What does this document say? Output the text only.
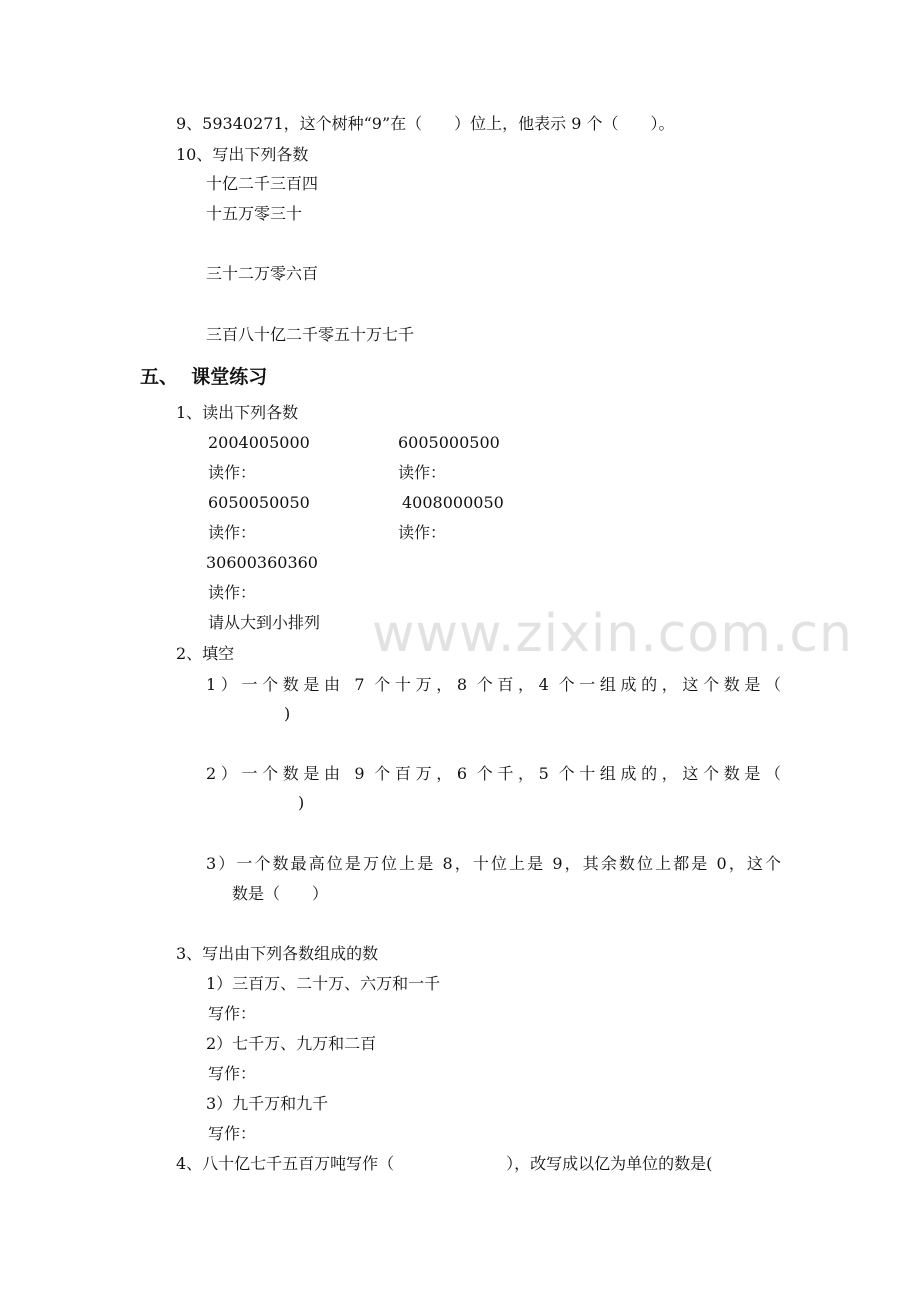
www.zixin.com.cn
9、59340271，这个树种“9”在（　　）位上，他表示 9 个（　　）。
10、写出下列各数
十亿二千三百四
十五万零三十
三十二万零六百
三百八十亿二千零五十万七千
五、  课堂练习
1、读出下列各数
2004005000	6005000500
读作：	读作：
6050050050	4008000050
读作：	读作：
30600360360
读作：
请从大到小排列
2、填空
1）一个数是由 7 个十万，8 个百，4 个一组成的，这个数是（
)
2）一个数是由 9 个百万，6 个千，5 个十组成的，这个数是（
)
3）一个数最高位是万位上是 8，十位上是 9，其余数位上都是 0，这个
数是（　　）
3、写出由下列各数组成的数
1）三百万、二十万、六万和一千
写作：
2）七千万、九万和二百
写作：
3）九千万和九千
写作：
4、八十亿七千五百万吨写作（　　　　　　　），改写成以亿为单位的数是(
